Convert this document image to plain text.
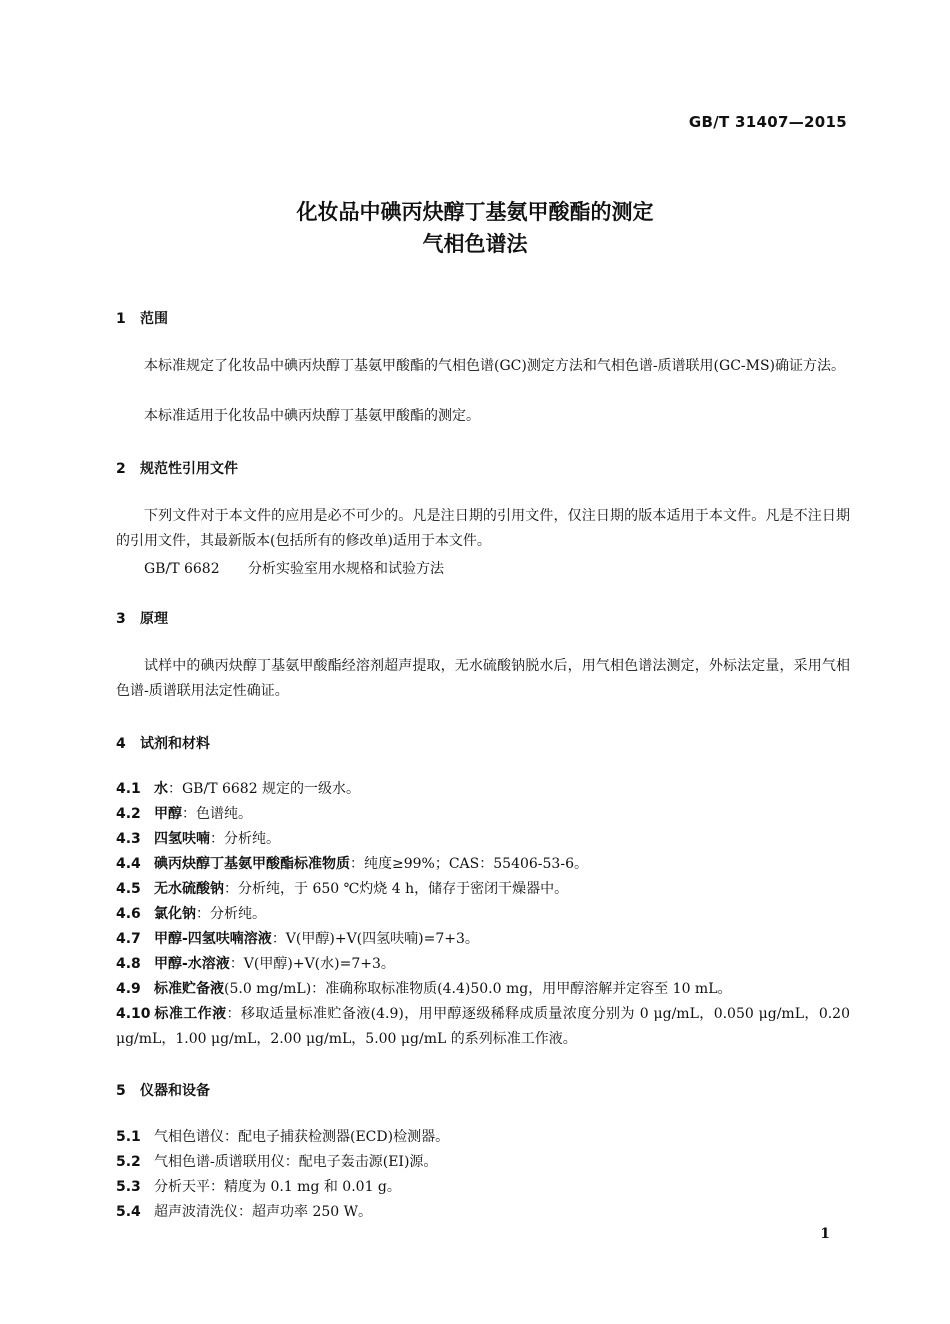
GB/T 31407—2015
化妆品中碘丙炔醇丁基氨甲酸酯的测定
气相色谱法
1 范围
本标准规定了化妆品中碘丙炔醇丁基氨甲酸酯的气相色谱(GC)测定方法和气相色谱-质谱联用(GC-MS)确证方法。
本标准适用于化妆品中碘丙炔醇丁基氨甲酸酯的测定。
2 规范性引用文件
下列文件对于本文件的应用是必不可少的。凡是注日期的引用文件，仅注日期的版本适用于本文件。凡是不注日期的引用文件，其最新版本(包括所有的修改单)适用于本文件。
GB/T 6682 分析实验室用水规格和试验方法
3 原理
试样中的碘丙炔醇丁基氨甲酸酯经溶剂超声提取，无水硫酸钠脱水后，用气相色谱法测定，外标法定量，采用气相色谱-质谱联用法定性确证。
4 试剂和材料
4.1 水：GB/T 6682 规定的一级水。
4.2 甲醇：色谱纯。
4.3 四氢呋喃：分析纯。
4.4 碘丙炔醇丁基氨甲酸酯标准物质：纯度≥99%；CAS：55406-53-6。
4.5 无水硫酸钠：分析纯，于 650 ℃灼烧 4 h，储存于密闭干燥器中。
4.6 氯化钠：分析纯。
4.7 甲醇-四氢呋喃溶液：V(甲醇)+V(四氢呋喃)=7+3。
4.8 甲醇-水溶液：V(甲醇)+V(水)=7+3。
4.9 标准贮备液(5.0 mg/mL)：准确称取标准物质(4.4)50.0 mg，用甲醇溶解并定容至 10 mL。
4.10 标准工作液：移取适量标准贮备液(4.9)，用甲醇逐级稀释成质量浓度分别为 0 μg/mL，0.050 μg/mL，0.20 μg/mL，1.00 μg/mL，2.00 μg/mL，5.00 μg/mL 的系列标准工作液。
5 仪器和设备
5.1 气相色谱仪：配电子捕获检测器(ECD)检测器。
5.2 气相色谱-质谱联用仪：配电子轰击源(EI)源。
5.3 分析天平：精度为 0.1 mg 和 0.01 g。
5.4 超声波清洗仪：超声功率 250 W。
1
